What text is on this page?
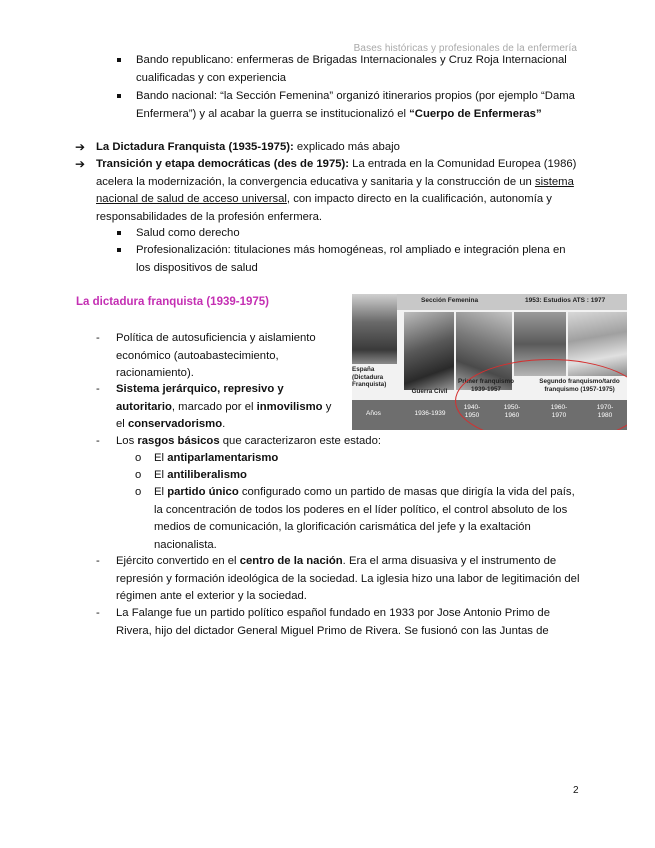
Bases históricas y profesionales de la enfermería
Bando republicano: enfermeras de Brigadas Internacionales y Cruz Roja Internacional cualificadas y con experiencia
Bando nacional: “la Sección Femenina” organizó itinerarios propios (por ejemplo “Dama Enfermera”) y al acabar la guerra se institucionalizó el “Cuerpo de Enfermeras”
➔ La Dictadura Franquista (1935-1975): explicado más abajo
➔ Transición y etapa democráticas (des de 1975): La entrada en la Comunidad Europea (1986) acelera la modernización, la convergencia educativa y sanitaria y la construcción de un sistema nacional de salud de acceso universal, con impacto directo en la cualificación, autonomía y responsabilidades de la profesión enfermera.
Salud como derecho
Profesionalización: titulaciones más homogéneas, rol ampliado e integración plena en los dispositivos de salud
La dictadura franquista (1939-1975)	Sección Femenina	1953: Estudios ATS : 1977
España (Dictadura Franquista)
Guerra Civil
Primer franquismo 1939-1957
Segundo franquismo/tardo franquismo (1957-1975)
Años	1936-1939
1940-1950
1950-1960
1960-1970
1970-1980
- Política de autosuficiencia y aislamiento económico (autoabastecimiento, racionamiento).
- Sistema jerárquico, represivo y autoritario, marcado por el inmovilismo y el conservadorismo.
- Los rasgos básicos que caracterizaron este estado:
o El antiparlamentarismo
o El antiliberalismo
o El partido único configurado como un partido de masas que dirigía la vida del país, la concentración de todos los poderes en el líder político, el control absoluto de los medios de comunicación, la glorificación carismática del jefe y la exaltación nacionalista.
- Ejército convertido en el centro de la nación. Era el arma disuasiva y el instrumento de represión y formación ideológica de la sociedad. La iglesia hizo una labor de legitimación del régimen ante el exterior y la sociedad.
- La Falange fue un partido político español fundado en 1933 por Jose Antonio Primo de Rivera, hijo del dictador General Miguel Primo de Rivera. Se fusionó con las Juntas de
2
